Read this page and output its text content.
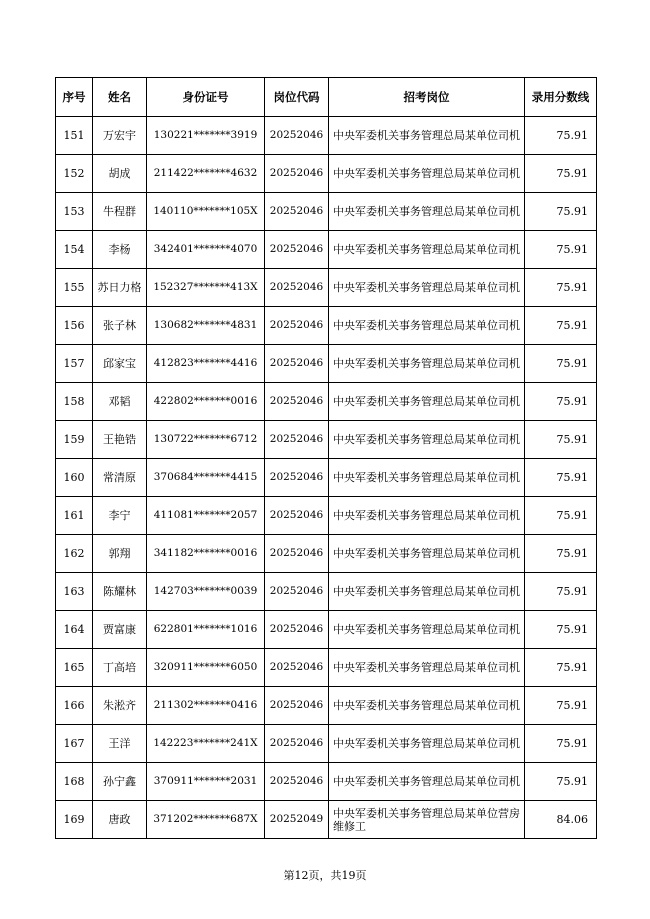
序号	姓名	身份证号	岗位代码	招考岗位	录用分数线
151	万宏宇	130221*******3919	20252046	中央军委机关事务管理总局某单位司机	75.91
152	胡成	211422*******4632	20252046	中央军委机关事务管理总局某单位司机	75.91
153	牛程群	140110*******105X	20252046	中央军委机关事务管理总局某单位司机	75.91
154	李杨	342401*******4070	20252046	中央军委机关事务管理总局某单位司机	75.91
155	苏日力格	152327*******413X	20252046	中央军委机关事务管理总局某单位司机	75.91
156	张子林	130682*******4831	20252046	中央军委机关事务管理总局某单位司机	75.91
157	邱家宝	412823*******4416	20252046	中央军委机关事务管理总局某单位司机	75.91
158	邓韬	422802*******0016	20252046	中央军委机关事务管理总局某单位司机	75.91
159	王艳锆	130722*******6712	20252046	中央军委机关事务管理总局某单位司机	75.91
160	常清原	370684*******4415	20252046	中央军委机关事务管理总局某单位司机	75.91
161	李宁	411081*******2057	20252046	中央军委机关事务管理总局某单位司机	75.91
162	郭翔	341182*******0016	20252046	中央军委机关事务管理总局某单位司机	75.91
163	陈耀林	142703*******0039	20252046	中央军委机关事务管理总局某单位司机	75.91
164	贾富康	622801*******1016	20252046	中央军委机关事务管理总局某单位司机	75.91
165	丁高培	320911*******6050	20252046	中央军委机关事务管理总局某单位司机	75.91
166	朱淞齐	211302*******0416	20252046	中央军委机关事务管理总局某单位司机	75.91
167	王洋	142223*******241X	20252046	中央军委机关事务管理总局某单位司机	75.91
168	孙宁鑫	370911*******2031	20252046	中央军委机关事务管理总局某单位司机	75.91
169	唐政	371202*******687X	20252049	中央军委机关事务管理总局某单位营房维修工	84.06
第12页，共19页
